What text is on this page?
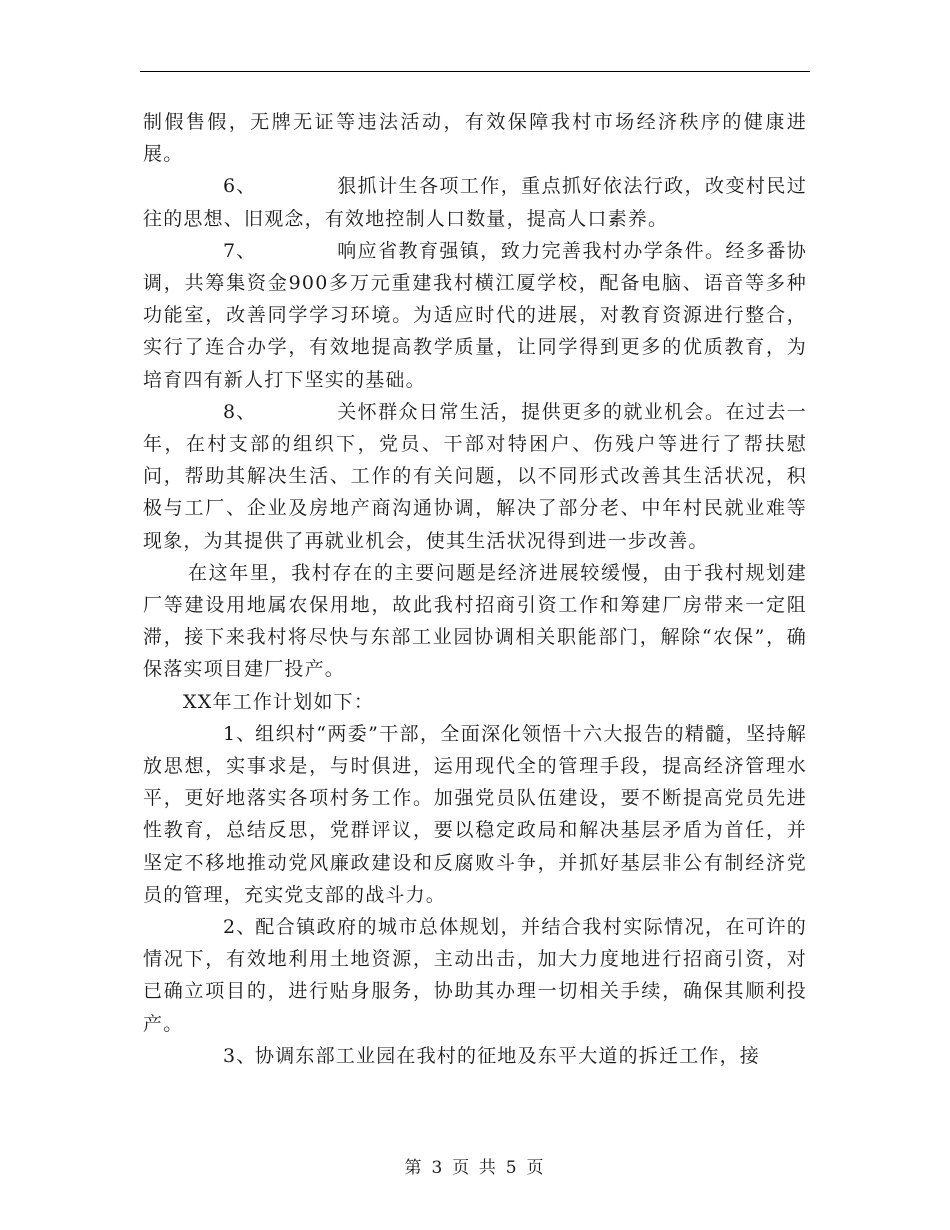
制假售假，无牌无证等违法活动，有效保障我村市场经济秩序的健康进展。

6、	狠抓计生各项工作，重点抓好依法行政，改变村民过往的思想、旧观念，有效地控制人口数量，提高人口素养。

7、	响应省教育强镇，致力完善我村办学条件。经多番协调，共筹集资金900多万元重建我村横江厦学校，配备电脑、语音等多种功能室，改善同学学习环境。为适应时代的进展，对教育资源进行整合，实行了连合办学，有效地提高教学质量，让同学得到更多的优质教育，为培育四有新人打下坚实的基础。

8、	关怀群众日常生活，提供更多的就业机会。在过去一年，在村支部的组织下，党员、干部对特困户、伤残户等进行了帮扶慰问，帮助其解决生活、工作的有关问题，以不同形式改善其生活状况，积极与工厂、企业及房地产商沟通协调，解决了部分老、中年村民就业难等现象，为其提供了再就业机会，使其生活状况得到进一步改善。

在这年里，我村存在的主要问题是经济进展较缓慢，由于我村规划建厂等建设用地属农保用地，故此我村招商引资工作和筹建厂房带来一定阻滞，接下来我村将尽快与东部工业园协调相关职能部门，解除“农保”，确保落实项目建厂投产。

XX年工作计划如下：

1、组织村“两委”干部，全面深化领悟十六大报告的精髓，坚持解放思想，实事求是，与时俱进，运用现代全的管理手段，提高经济管理水平，更好地落实各项村务工作。加强党员队伍建设，要不断提高党员先进性教育，总结反思，党群评议，要以稳定政局和解决基层矛盾为首任，并坚定不移地推动党风廉政建设和反腐败斗争，并抓好基层非公有制经济党员的管理，充实党支部的战斗力。

2、配合镇政府的城市总体规划，并结合我村实际情况，在可许的情况下，有效地利用土地资源，主动出击，加大力度地进行招商引资，对已确立项目的，进行贴身服务，协助其办理一切相关手续，确保其顺利投产。

3、协调东部工业园在我村的征地及东平大道的拆迁工作，接

第 3 页 共 5 页
